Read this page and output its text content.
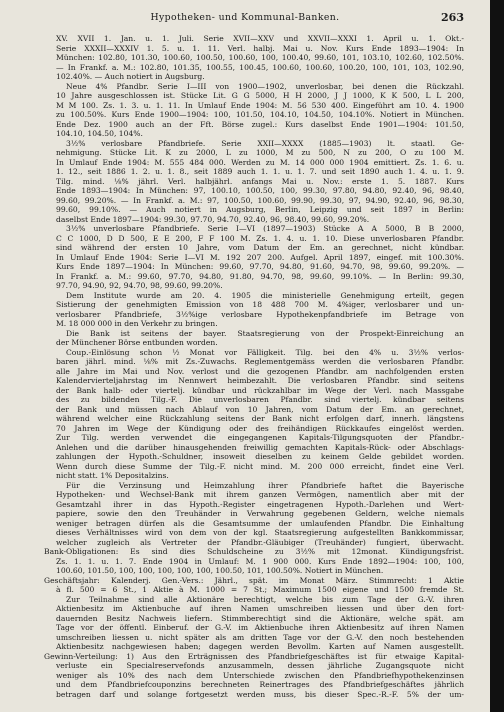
Hypotheken- und Kommunal-Banken.	263
XV. XVII 1. Jan. u. 1. Juli. Serie XVII—XXV und XXVII—XXXI 1. April u. 1. Okt.-
Serie XXXII—XXXIV 1. 5. u. 1. 11. Verl. halbj. Mai u. Nov. Kurs Ende 1893—1904: In
München: 102.80, 101.30, 100.60, 100.50, 100.60, 100, 100.40, 99.60, 101, 103.10, 102.60, 102.50%.
— In Frankf. a. M.: 102.80, 101.35, 100.55, 100.45, 100.60, 100.60, 100.20, 100, 101, 103, 102.90,
102.40%. — Auch notiert in Augsburg.
Neue 4% Pfandbr. Serie I—III von 1900—1902, unverlosbar, bei denen die Rückzahl.
10 Jahre ausgeschlossen ist. Stücke Lit. G G 5000, H H 2000, J J 1000, K K 500, L L 200,
M M 100. Zs. 1. 3. u. 1. 11. In Umlauf Ende 1904: M. 56 530 400. Eingeführt am 10. 4. 1900
zu 100.50%. Kurs Ende 1900—1904: 100, 101.50, 104.10, 104.50, 104.10%. Notiert in München.
Ende Dez. 1900 auch an der Fft. Börse zugel.: Kurs daselbst Ende 1901—1904: 101.50,
104.10, 104.50, 104%.
3½% verlosbare Pfandbriefe. Serie XXII—XXXX (1885—1903) lt. staatl. Ge-
nehmigung. Stücke Lit. K zu 2000, L zu 1000, M zu 500, N zu 200, O zu 100 M.
In Umlauf Ende 1904: M. 555 484 000. Werden zu M. 14 000 000 1904 emittiert. Zs. 1. 6. u.
1. 12., seit 1886 1. 2. u. 1. 8., seit 1889 auch 1. 1. u. 1. 7. und seit 1890 auch 1. 4. u. 1. 9.
Tilg. mind. ⅛% jährl. Verl. halbjährl. anfangs Mai u. Nov.: erste 1. 5. 1887. Kurs
Ende 1893—1904: In München: 97, 100.10, 100.50, 100, 99.30, 97.80, 94.80, 92.40, 96, 98.40,
99.60, 99.20%. — In Frankf. a. M.: 97, 100.50, 100.60, 99.90, 99.30, 97, 94.90, 92.40, 96, 98.30,
99.60, 99.10%. — Auch notiert in Augsburg, Berlin, Leipzig und seit 1897 in Berlin:
daselbst Ende 1897—1904: 99.30, 97.70, 94.70, 92.40, 96, 98.40, 99.60, 99.20%.
3½% unverlosbare Pfandbriefe. Serie I—VI (1897—1903) Stücke A A 5000, B B 2000,
C C 1000, D D 500, E E 200, F F 100 M. Zs. 1. 4. u. 1. 10. Diese unverlosbaren Pfandbr.
sind während der ersten 10 Jahre, vom Datum der Em. an gerechnet, nicht kündbar.
In Umlauf Ende 1904: Serie I—VI M. 192 207 200. Aufgel. April 1897, eingef. mit 100.30%.
Kurs Ende 1897—1904: In München: 99.60, 97.70, 94.80, 91.60, 94.70, 98, 99.60, 99.20%. —
In Frankf. a. M.: 99.60, 97.70, 94.80, 91.80, 94.70, 98, 99.60, 99.10%. — In Berlin: 99.30,
97.70, 94.90, 92, 94.70, 98, 99.60, 99.20%.
Dem Institute wurde am 20. 4. 1905 die ministerielle Genehmigung erteilt, gegen
Sistierung der genehmigten Emission von 18 488 700 M. 4%iger, verlosbarer und un-
verlosbarer Pfandbriefe, 3½%ige verlosbare Hypothekenpfandbriefe im Betrage von
M. 18 000 000 in den Verkehr zu bringen.
Die Bank ist seitens der bayer. Staatsregierung von der Prospekt-Einreichung an
der Münchener Börse entbunden worden.
Coup.-Einlösung schon ½ Monat vor Fälligkeit. Tilg. bei den 4% u. 3½% verlos-
baren jährl. mind. ⅛% mit Zs.-Zuwachs. Reglementgemäss werden die verlosbaren Pfandbr.
alle Jahre im Mai und Nov. verlost und die gezogenen Pfandbr. am nachfolgenden ersten
Kalendervierteljahrstag im Nennwert heimbezahlt. Die verlosbaren Pfandbr. sind seitens
der Bank halb- oder viertelj. kündbar und rückzahlbar im Wege der Verl. nach Massgabe
des zu bildenden Tilg.-F. Die unverlosbaren Pfandbr. sind viertelj. kündbar seitens
der Bank und müssen nach Ablauf von 10 Jahren, vom Datum der Em. an gerechnet,
während welcher eine Rückzahlung seitens der Bank nicht erfolgen darf, innerh. längstens
70 Jahren im Wege der Kündigung oder des freihändigen Rückkaufes eingelöst werden.
Zur Tilg. werden verwendet die eingegangenen Kapitals-Tilgungsquoten der Pfandbr.-
Anlehen und die darüber hinausgehenden freiwillig gemachten Kapitals-Rück- oder Abschlags-
zahlungen der Hypoth.-Schuldner, insoweit dieselben zu keinem Gelde gebildet worden.
Wenn durch diese Summe der Tilg.-F. nicht mind. M. 200 000 erreicht, findet eine Verl.
nicht statt. 1% Depositalzins.
Für die Verzinsung und Heimzahlung ihrer Pfandbriefe haftet die Bayerische
Hypotheken- und Wechsel-Bank mit ihrem ganzen Vermögen, namentlich aber mit der
Gesamtzahl ihrer in das Hypoth.-Register eingetragenen Hypoth.-Darlehen und Wert-
papiere, sowie den den Treuhänder in Verwahrung gegebenen Geldern, welche niemals
weniger betragen dürfen als die Gesamtsumme der umlaufenden Pfandbr. Die Einhaltung
dieses Verhältnisses wird von dem von der kgl. Staatsregierung aufgestellten Bankkommissar,
welcher zugleich als Vertreter der Pfandbr.-Gläubiger (Treuhänder) fungiert, überwacht.
Bank-Obligationen: Es sind dies Schuldscheine zu 3½% mit 12monat. Kündigungsfrist.
Zs. 1. 1. u. 1. 7. Ende 1904 in Umlauf: M. 1 900 000. Kurs Ende 1892—1904: 100, 100,
100.60, 101.50, 100, 100, 100, 100, 100, 100.50, 101, 100.50%. Notiert in München.
Geschäftsjahr: Kalenderj. Gen.-Vers.: Jährl., spät. im Monat März. Stimmrecht: 1 Aktie
à fl. 500 = 6 St., 1 Aktie à M. 1000 = 7 St.; Maximum 1500 eigene und 1500 fremde St.
Zur Teilnahme sind alle Aktionäre berechtigt, welche bis zum Tage der G.-V. ihren
Aktienbesitz im Aktienbuche auf ihren Namen umschreiben liessen und über den fort-
dauernden Besitz Nachweis liefern. Stimmberechtigt sind die Aktionäre, welche spät. am
Tage vor der öffentl. Einberuf. der G.-V. im Aktienbuche ihren Aktienbesitz auf ihren Namen
umschreiben liessen u. nicht später als am dritten Tage vor der G.-V. den noch bestehenden
Aktienbesitz nachgewiesen haben; dagegen werden Bevollm. Karten auf Namen ausgestellt.
Gewinn-Verteilung: 1) Aus den Erträgnissen des Pfandbriefgeschäftes ist für etwaige Kapital-
verluste ein Specialreservefonds anzusammeln, dessen jährliche Zugangsquote nicht
weniger als 10% des nach dem Unterschiede zwischen den Pfandbriefhypothekenzinsen
und dem Pfandbriefcouponzins berechneten Reinertrages des Pfandbriefgeschäftes jährlich
betragen darf und solange fortgesetzt werden muss, bis dieser Spec.-R.-F. 5% der um-
